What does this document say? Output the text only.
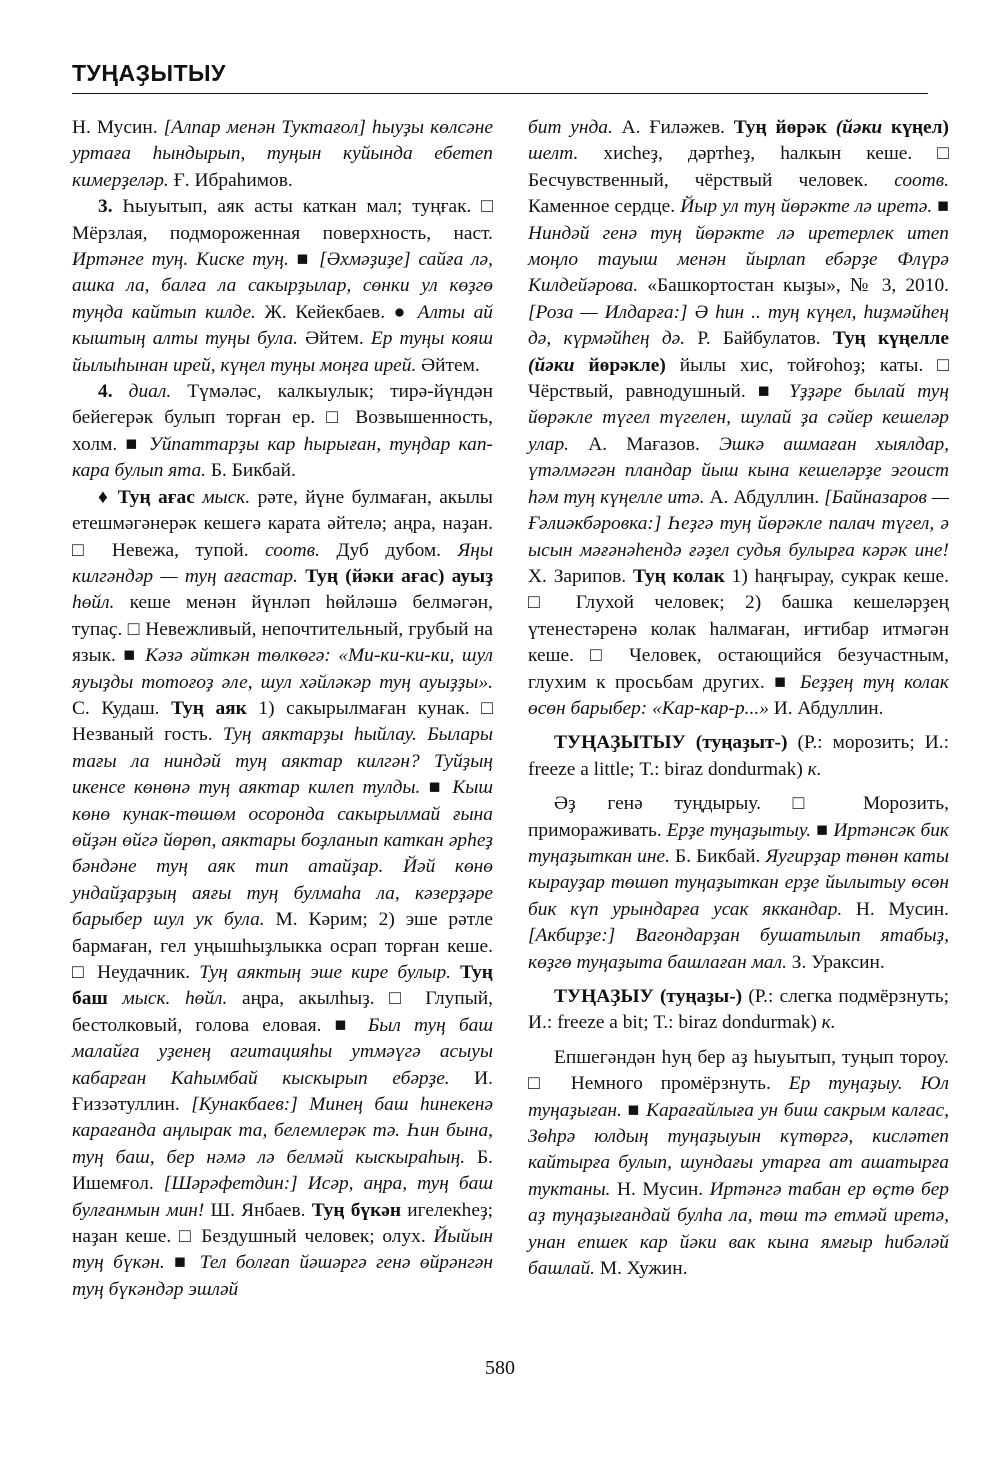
ТУҢАҘЫТЫУ

Н. Мусин. [Алпар менән Туктағол] һыуҙы көлсәне уртаға һындырып, туңын куйында ебетеп кимерҙеләр. Ғ. Ибраһимов.

3. Һыуытып, аяк асты каткан мал; туңғак. □ Мёрзлая, подмороженная поверхность, наст. Иртәнге туң. Киске туң. ■ [Әхмәҙиҙе] сайға лә, ашка ла, балға ла сакырҙылар, сөнки ул көҙгө туңда кайтып килде. Ж. Кейекбаев. ● Алты ай кыштың алты туңы була. Әйтем. Ер туңы кояш йылыһынан ирей, күңел туңы моңға ирей. Әйтем.

4. диал. Түмәләс, калкыулык; тирә-йүндән бейегерәк булып торған ер. □ Возвышенность, холм. ■ Уйпаттарҙы кар һырыған, туңдар кап-кара булып ята. Б. Бикбай.

♦ Туң ағас мыск. рәте, йүне булмаған, акылы етешмәгәнерәк кешегә карата әйтелә; аңра, наҙан. □ Невежа, тупой. соотв. Дуб дубом. Яңы килгәндәр — туң ағастар. Туң (йәки ағас) ауыҙ һөйл. кеше менән йүнләп һөйләшә белмәгән, тупаҫ. □ Невежливый, непочтительный, грубый на язык. ■ Кәзә әйткән төлкөгә: «Ми-ки-ки-ки, шул яуыҙды тотоғоҙ әле, шул хәйләкәр туң ауыҙҙы». С. Кудаш. Туң аяк 1) сакырылмаған кунак. □ Незваный гость. Туң аяктарҙы һыйлау. Былары тағы ла ниндәй туң аяктар килгән? Туйҙың икенсе көнөнә туң аяктар килеп тулды. ■ Кыш көнө кунак-төшөм осоронда сакырылмай ғына өйҙән өйгә йөрөп, аяктары боҙланып каткан әрһеҙ бәндәне туң аяк тип атайҙар. Йәй көнө ундайҙарҙың аяғы туң булмаһа ла, кәзерҙәре барыбер шул ук була. М. Кәрим; 2) эше рәтле бармаған, гел уңышһыҙлыкка осрап торған кеше. □ Неудачник. Туң аяктың эше кире булыр. Туң баш мыск. һөйл. аңра, акылһыҙ. □ Глупый, бестолковый, голова еловая. ■ Был туң баш малайға уҙенең агитацияһы утмәүгә асыуы кабарған Каһымбай кыскырып ебәрҙе. И. Ғиззәтуллин. [Кунакбаев:] Минең баш һинекенә карағанда аңлырак та, белемлерәк тә. Һин бына, туң баш, бер нәмә лә белмәй кыскыраһың. Б. Ишемғол. [Шәрәфетдин:] Исәр, аңра, туң баш булғанмын мин! Ш. Янбаев. Туң бүкән игелекһеҙ; наҙан кеше. □ Бездушный человек; олух. Йыйын туң бүкән. ■ Тел болғап йәшәргә генә өйрәнгән туң бүкәндәр эшләй

бит унда. А. Ғиләжев. Туң йөрәк (йәки күңел) шелт. хисһеҙ, дәртһеҙ, һалкын кеше. □ Бесчувственный, чёрствый человек. соотв. Каменное сердце. Йыр ул туң йөрәкте лә иретә. ■ Ниндәй генә туң йөрәкте лә иретерлек итеп моңло тауыш менән йырлап ебәрҙе Флүрә Килдейәрова. «Башкортостан кыҙы», № 3, 2010. [Роза — Илдарға:] Ә һин .. туң күңел, һиҙмәйһең дә, күрмәйһең дә. Р. Байбулатов. Туң күңелле (йәки йөрәкле) йылы хис, тойғоһоҙ; каты. □ Чёрствый, равнодушный. ■ Үҙҙәре былай туң йөрәкле түгел түгелен, шулай ҙа сәйер кешеләр улар. А. Мағазов. Эшкә ашмаған хыялдар, үтәлмәгән пландар йыш кына кешеләрҙе эгоист һәм туң күңелле итә. А. Абдуллин. [Байназаров — Ғәлиәкбәровка:] Һеҙгә туң йөрәкле палач түгел, ә ысын мәғәнәһендә ғәҙел судья булырға кәрәк ине! Х. Зарипов. Туң колак 1) һаңғырау, сукрак кеше. □ Глухой человек; 2) башка кешеләрҙең үтенестәренә колак һалмаған, иғтибар итмәгән кеше. □ Человек, остающийся безучастным, глухим к просьбам других. ■ Беҙҙең туң колак өсөн барыбер: «Кар-кар-р...» И. Абдуллин.

ТУҢАҘЫТЫУ (туңаҙыт-) (Р.: морозить; И.: freeze a little; Т.: biraz dondurmak) к.

Әҙ генә туңдырыу. □ Морозить, примораживать. Ерҙе туңаҙытыу. ■ Иртәнсәк бик туңаҙыткан ине. Б. Бикбай. Яугирҙар төнөн каты кырауҙар төшөп туңаҙыткан ерҙе йылытыу өсөн бик күп урындарға усак яккандар. Н. Мусин. [Акбирҙе:] Вагондарҙан бушатылып ятабыҙ, көҙгө туңаҙыта башлаған мал. З. Ураксин.

ТУҢАҘЫУ (туңаҙы-) (Р.: слегка подмёрзнуть; И.: freeze a bit; Т.: biraz dondurmak) к.

Епшегәндән һуң бер аҙ һыуытып, туңып тороу. □ Немного промёрзнуть. Ер туңаҙыу. Юл туңаҙыған. ■ Карағайлыға ун биш сакрым калғас, Зөһрә юлдың туңаҙыуын күтөргә, кисләтеп кайтырға булып, шундағы утарға ат ашатырға туктаны. Н. Мусин. Иртәнгә табан ер өҫтө бер аҙ туңаҙығандай булһа ла, төш тә етмәй иретә, унан епшек кар йәки вак кына ямғыр һибәләй башлай. М. Хужин.

580
